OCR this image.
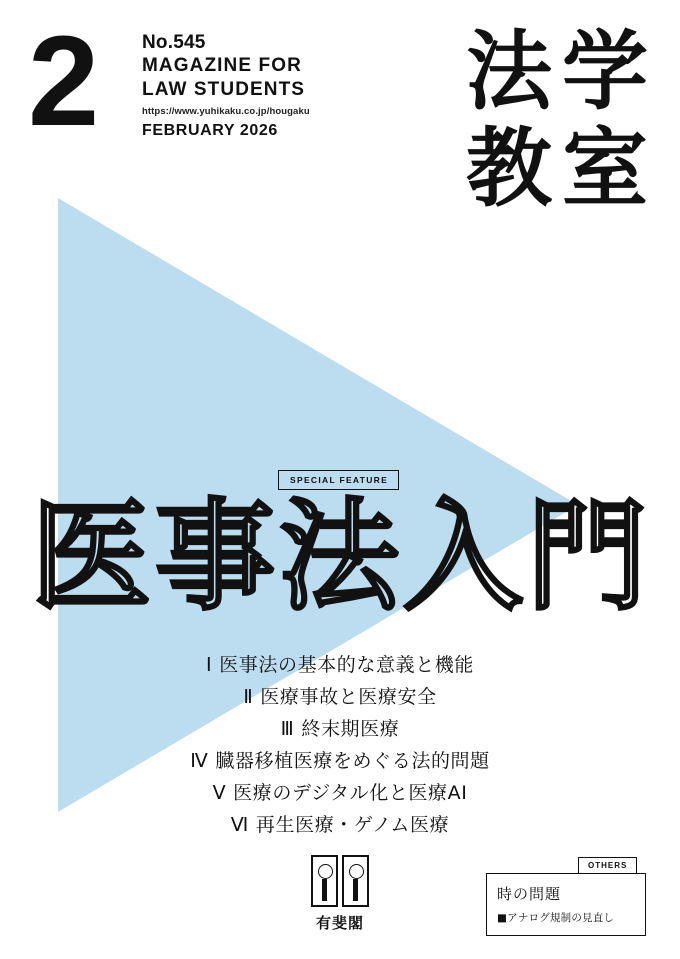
2 No.545
MAGAZINE FOR
LAW STUDENTS
https://www.yuhikaku.co.jp/hougaku
FEBRUARY 2026
法学
教室
SPECIAL FEATURE
医事法入門
Ⅰ 医事法の基本的な意義と機能
Ⅱ 医療事故と医療安全
Ⅲ 終末期医療
Ⅳ 臓器移植医療をめぐる法的問題
Ⅴ 医療のデジタル化と医療AI
Ⅵ 再生医療・ゲノム医療
有斐閣
時の問題
■アナログ規制の見直し
OTHERS
